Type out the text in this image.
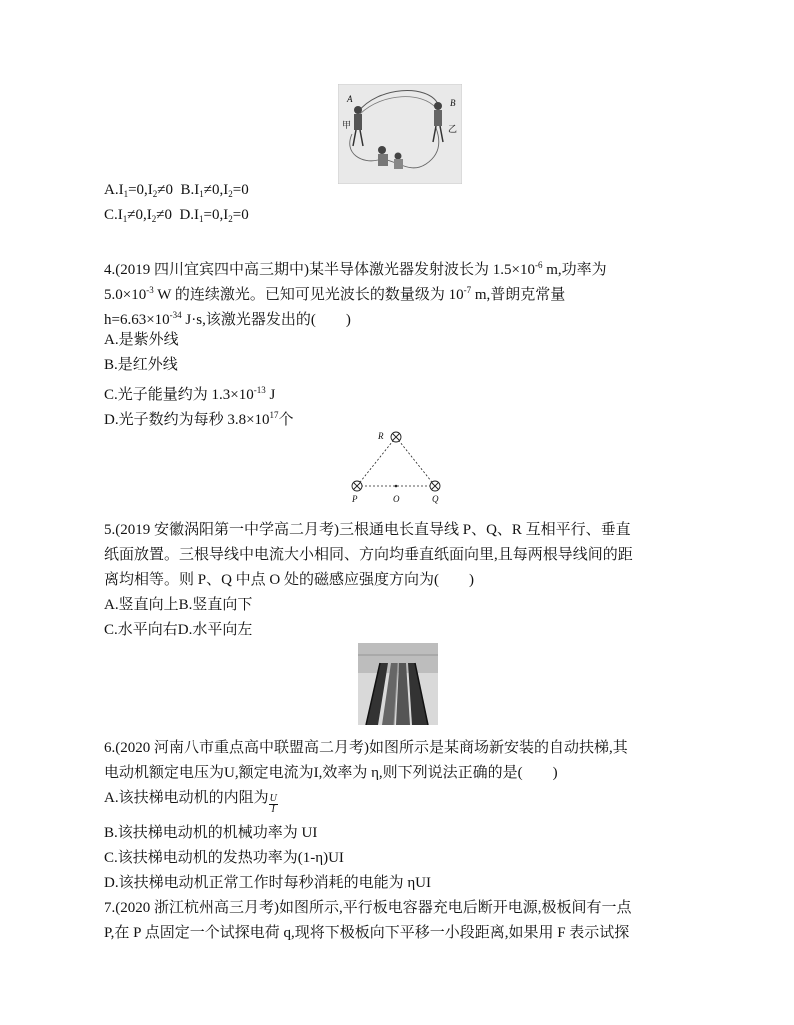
A	B
甲	乙
$A.I_1=0,I_2\ne 0$ $B.I_1\ne 0,I_2=0$
$C.I_1\ne 0,I_2\ne 0$ $D.I_1=0,I_2=0$
4.(2019 四川宜宾四中高三期中)某半导体激光器发射波长为 $1.5\times 10^{-6}$ m,功率为
$5.0\times 10^{-3}$ W 的连续激光。已知可见光波长的数量级为 $10^{-7}$ m,普朗克常量
$h=6.63\times 10^{-34}$ J·s,该激光器发出的(　　)
A.是紫外线
B.是红外线
C.光子能量约为 $1.3\times 10^{-13}$ J
D.光子数约为每秒 $3.8\times 10^{17}$个
R
P	O	Q
5.(2019 安徽涡阳第一中学高二月考)三根通电长直导线 P、Q、R 互相平行、垂直
纸面放置。三根导线中电流大小相同、方向均垂直纸面向里,且每两根导线间的距
离均相等。则 P、Q 中点 O 处的磁感应强度方向为(　　)
A.竖直向上B.竖直向下
C.水平向右D.水平向左
6.(2020 河南八市重点高中联盟高二月考)如图所示是某商场新安装的自动扶梯,其
电动机额定电压为U,额定电流为I,效率为 η,则下列说法正确的是(　　)
A.该扶梯电动机的内阻为 $\frac{U}{I}$
B.该扶梯电动机的机械功率为 UI
C.该扶梯电动机的发热功率为(1-η)UI
D.该扶梯电动机正常工作时每秒消耗的电能为 ηUI
7.(2020 浙江杭州高三月考)如图所示,平行板电容器充电后断开电源,极板间有一点
P,在 P 点固定一个试探电荷 q,现将下极板向下平移一小段距离,如果用 F 表示试探
